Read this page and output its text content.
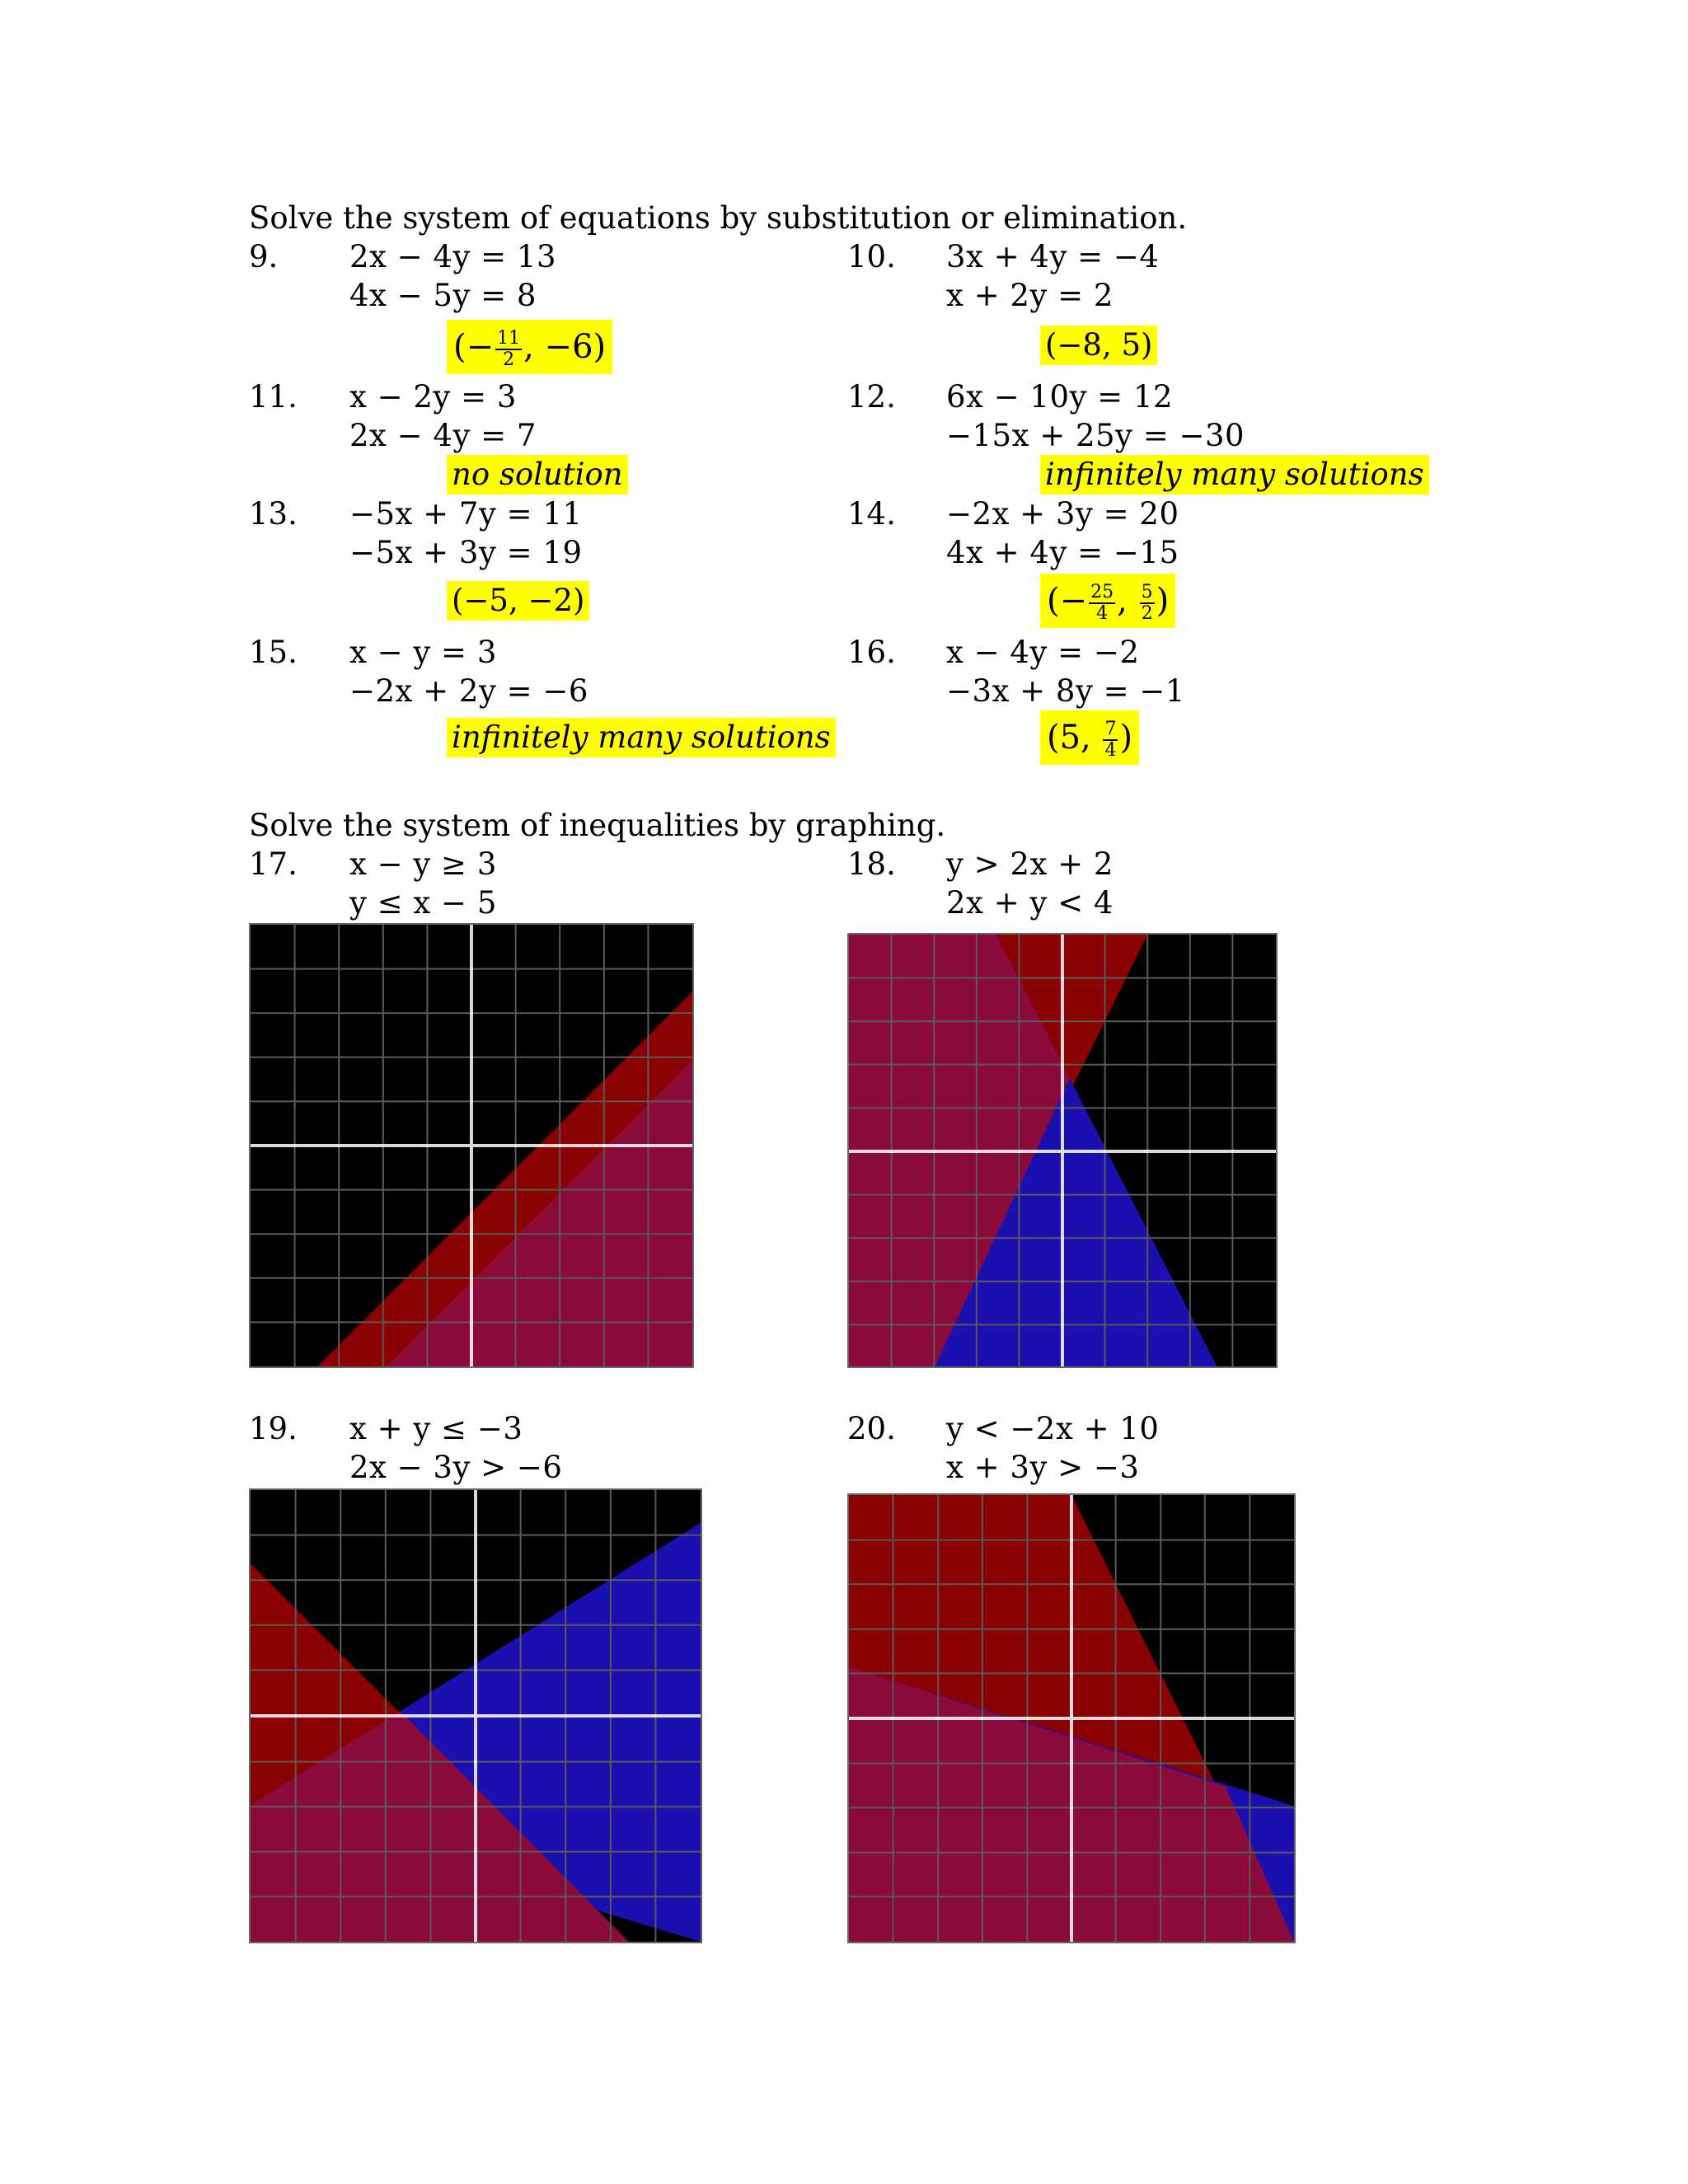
Solve the system of equations by substitution or elimination.
9. 2x − 4y = 13
4x − 5y = 8
(− $\frac{11}{2}$ , −6)
10. 3x + 4y = −4
x + 2y = 2
(−8, 5)
11. x − 2y = 3
2x − 4y = 7
no solution
12. 6x − 10y = 12
−15x + 25y = −30
infinitely many solutions
13. −5x + 7y = 11
−5x + 3y = 19
(−5, −2)
14. −2x + 3y = 20
4x + 4y = −15
(− $\frac{25}{4}$ , $\frac{5}{2}$ )
15. x − y = 3
−2x + 2y = −6
infinitely many solutions
16. x − 4y = −2
−3x + 8y = −1
(5, $\frac{7}{4}$ )
Solve the system of inequalities by graphing.
17. x − y ≥ 3
y ≤ x − 5
18. y > 2x + 2
2x + y < 4
19. x + y ≤ −3
2x − 3y > −6
20. y < −2x + 10
x + 3y > −3
